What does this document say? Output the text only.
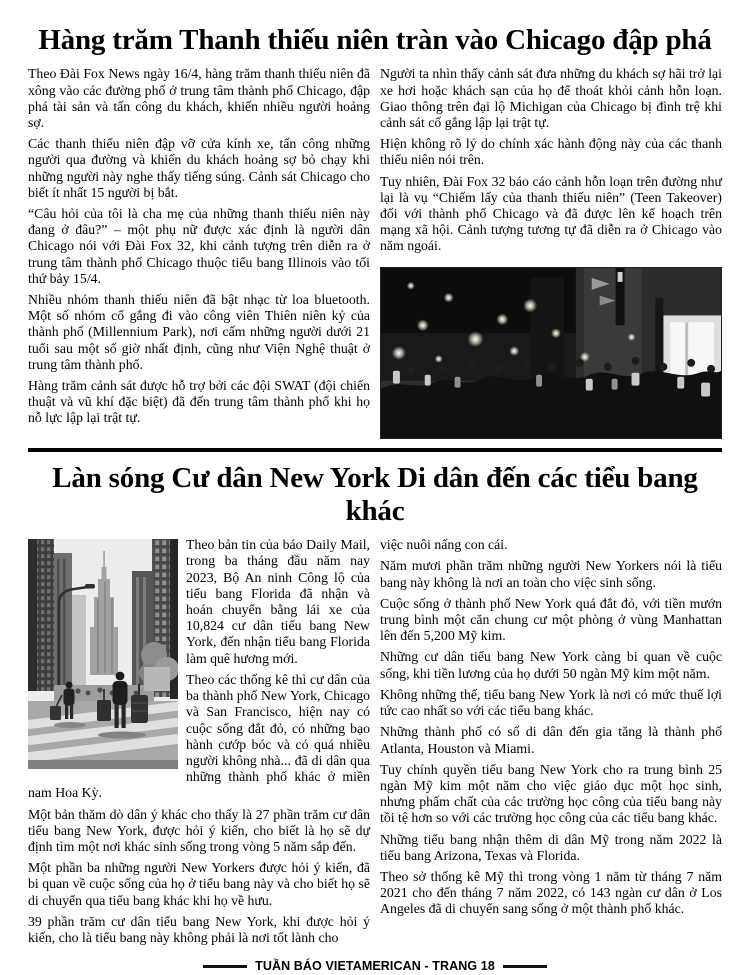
Hàng trăm Thanh thiếu niên tràn vào Chicago đập phá

Theo Đài Fox News ngày 16/4, hàng trăm thanh thiếu niên đã xông vào các đường phố ở trung tâm thành phố Chicago, đập phá tài sản và tấn công du khách, khiến nhiều người hoảng sợ.

Các thanh thiếu niên đập vỡ cửa kính xe, tấn công những người qua đường và khiến du khách hoảng sợ bỏ chạy khi những người này nghe thấy tiếng súng. Cảnh sát Chicago cho biết ít nhất 15 người bị bắt.

“Câu hỏi của tôi là cha mẹ của những thanh thiếu niên này đang ở đâu?” – một phụ nữ được xác định là người dân Chicago nói với Đài Fox 32, khi cảnh tượng trên diễn ra ở trung tâm thành phố Chicago thuộc tiểu bang Illinois vào tối thứ bảy 15/4.

Nhiều nhóm thanh thiếu niên đã bật nhạc từ loa bluetooth. Một số nhóm cố gắng đi vào công viên Thiên niên kỷ của thành phố (Millennium Park), nơi cấm những người dưới 21 tuổi sau một số giờ nhất định, cũng như Viện Nghệ thuật ở trung tâm thành phố.

Hàng trăm cảnh sát được hỗ trợ bởi các đội SWAT (đội chiến thuật và vũ khí đặc biệt) đã đến trung tâm thành phố khi họ nỗ lực lập lại trật tự.

Người ta nhìn thấy cảnh sát đưa những du khách sợ hãi trở lại xe hơi hoặc khách sạn của họ để thoát khỏi cảnh hỗn loạn. Giao thông trên đại lộ Michigan của Chicago bị đình trệ khi cảnh sát cố gắng lập lại trật tự.

Hiện không rõ lý do chính xác hành động này của các thanh thiếu niên nói trên.

Tuy nhiên, Đài Fox 32 báo cáo cảnh hỗn loạn trên đường như lại là vụ “Chiếm lấy của thanh thiếu niên” (Teen Takeover) đối với thành phố Chicago và đã được lên kế hoạch trên mạng xã hội. Cảnh tượng tương tự đã diễn ra ở Chicago vào năm ngoái.

Làn sóng Cư dân New York Di dân đến các tiểu bang khác

Theo bản tin của báo Daily Mail, trong ba tháng đầu năm nay 2023, Bộ An ninh Công lộ của tiểu bang Florida đã nhận và hoán chuyển bằng lái xe của 10,824 cư dân tiểu bang New York, đến nhận tiểu bang Florida làm quê hương mới.

Theo các thống kê thì cư dân của ba thành phố New York, Chicago và San Francisco, hiện nay có cuộc sống đắt đỏ, có những bạo hành cướp bóc và có quá nhiều người không nhà... đã di dân qua những thành phố khác ở miền nam Hoa Kỳ.

Một bản thăm dò dân ý khác cho thấy là 27 phần trăm cư dân tiểu bang New York, được hỏi ý kiến, cho biết là họ sẽ dự định tìm một nơi khác sinh sống trong vòng 5 năm sắp đến.

Một phần ba những người New Yorkers được hỏi ý kiến, đã bi quan về cuộc sống của họ ở tiểu bang này và cho biết họ sẽ di chuyển qua tiểu bang khác khi họ về hưu.

39 phần trăm cư dân tiểu bang New York, khi được hỏi ý kiến, cho là tiểu bang này không phải là nơi tốt lành cho

việc nuôi nấng con cái.

Năm mươi phần trăm những người New Yorkers nói là tiểu bang này không là nơi an toàn cho việc sinh sống.

Cuộc sống ở thành phố New York quá đắt đỏ, với tiền mướn trung bình một căn chung cư một phòng ở vùng Manhattan lên đến 5,200 Mỹ kim.

Những cư dân tiểu bang New York càng bi quan về cuộc sống, khi tiền lương của họ dưới 50 ngàn Mỹ kim một năm.

Không những thế, tiểu bang New York là nơi có mức thuế lợi tức cao nhất so với các tiểu bang khác.

Những thành phố có số di dân đến gia tăng là thành phố Atlanta, Houston và Miami.

Tuy chính quyền tiểu bang New York cho ra trung bình 25 ngàn Mỹ kim một năm cho việc giáo dục một học sinh, nhưng phẩm chất của các trường học công của tiểu bang này tồi tệ hơn so với các trường học công của các tiểu bang khác.

Những tiểu bang nhận thêm di dân Mỹ trong năm 2022 là tiểu bang Arizona, Texas và Florida.

Theo sở thống kê Mỹ thì trong vòng 1 năm từ tháng 7 năm 2021 cho đến tháng 7 năm 2022, có 143 ngàn cư dân ở Los Angeles đã di chuyển sang sống ở một thành phố khác.

TUẦN BÁO VIETAMERICAN - TRANG 18
